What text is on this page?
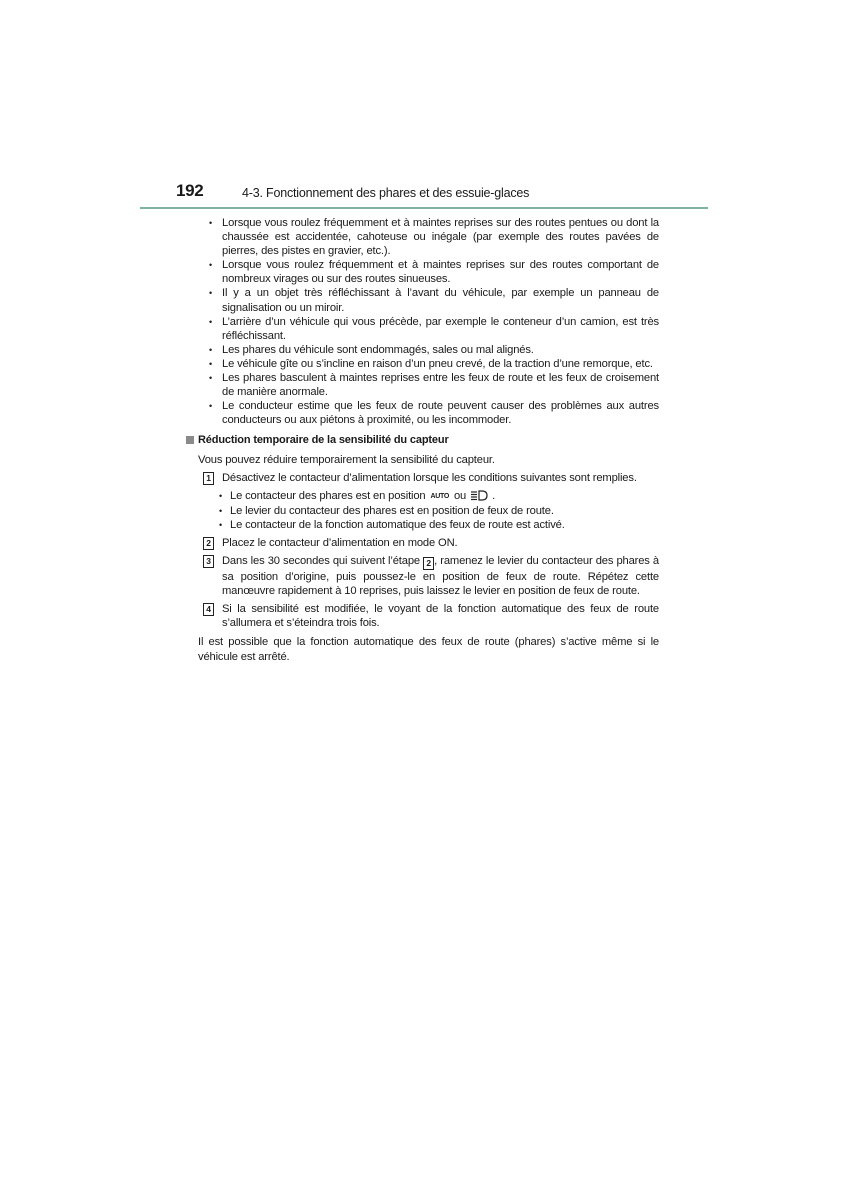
192	4-3. Fonctionnement des phares et des essuie-glaces
• Lorsque vous roulez fréquemment et à maintes reprises sur des routes pentues ou dont la chaussée est accidentée, cahoteuse ou inégale (par exemple des routes pavées de pierres, des pistes en gravier, etc.).
• Lorsque vous roulez fréquemment et à maintes reprises sur des routes comportant de nombreux virages ou sur des routes sinueuses.
• Il y a un objet très réfléchissant à l’avant du véhicule, par exemple un panneau de signalisation ou un miroir.
• L’arrière d’un véhicule qui vous précède, par exemple le conteneur d’un camion, est très réfléchissant.
• Les phares du véhicule sont endommagés, sales ou mal alignés.
• Le véhicule gîte ou s’incline en raison d’un pneu crevé, de la traction d’une remorque, etc.
• Les phares basculent à maintes reprises entre les feux de route et les feux de croisement de manière anormale.
• Le conducteur estime que les feux de route peuvent causer des problèmes aux autres conducteurs ou aux piétons à proximité, ou les incommoder.
Réduction temporaire de la sensibilité du capteur
Vous pouvez réduire temporairement la sensibilité du capteur.
1 Désactivez le contacteur d’alimentation lorsque les conditions suivantes sont remplies.
• Le contacteur des phares est en position AUTO ou .
• Le levier du contacteur des phares est en position de feux de route.
• Le contacteur de la fonction automatique des feux de route est activé.
2 Placez le contacteur d’alimentation en mode ON.
3 Dans les 30 secondes qui suivent l’étape 2 , ramenez le levier du contacteur des phares à sa position d’origine, puis poussez-le en position de feux de route. Répétez cette manœuvre rapidement à 10 reprises, puis laissez le levier en position de feux de route.
4 Si la sensibilité est modifiée, le voyant de la fonction automatique des feux de route s’allumera et s’éteindra trois fois.
Il est possible que la fonction automatique des feux de route (phares) s’active même si le véhicule est arrêté.
